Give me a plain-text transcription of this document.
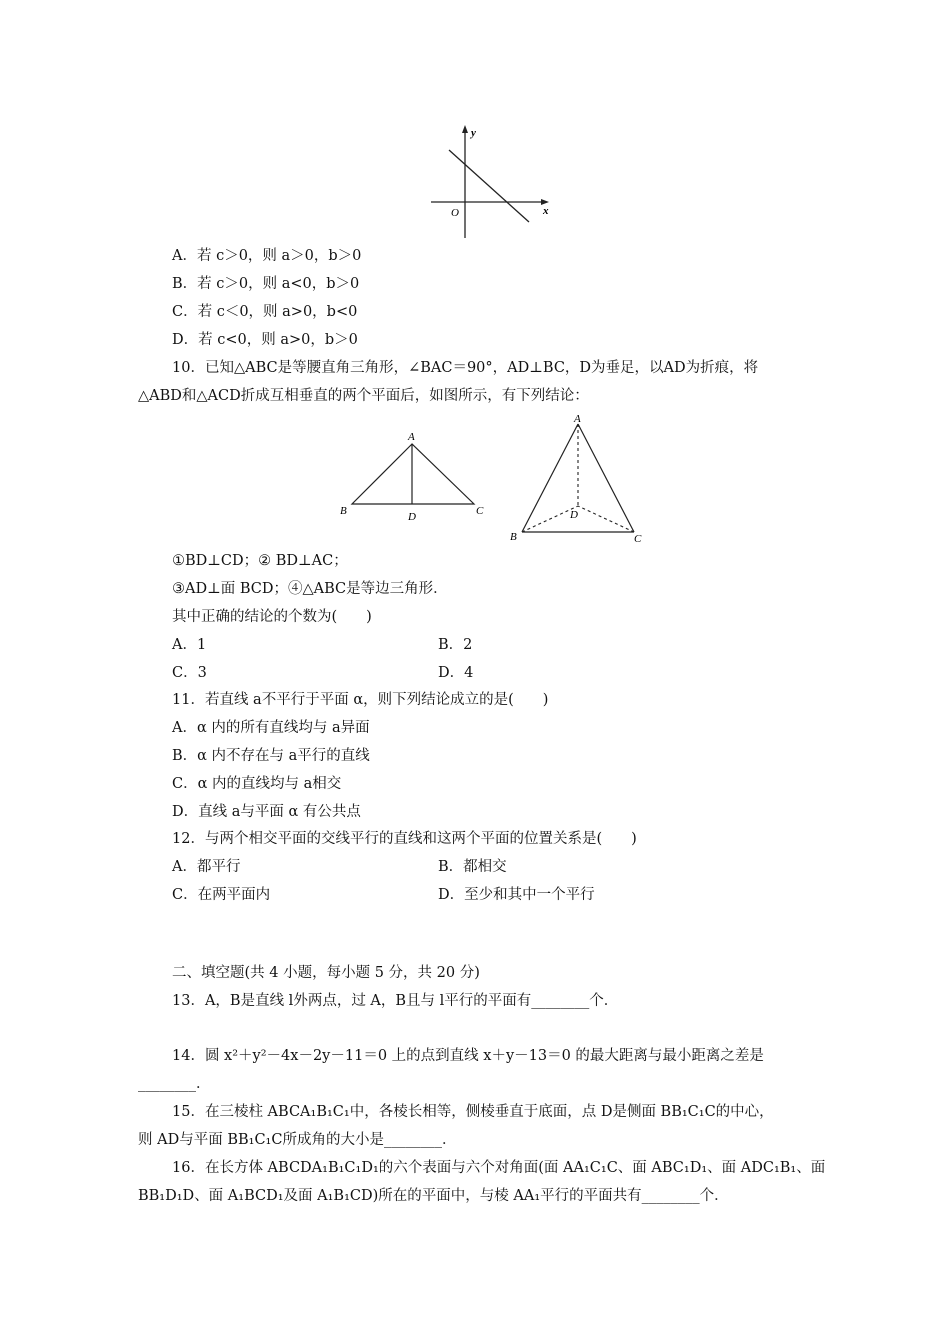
y
x
O
A．若 c＞0，则 a＞0，b＞0
B．若 c＞0，则 a<0，b＞0
C．若 c＜0，则 a>0，b<0
D．若 c<0，则 a>0，b＞0
10．已知△ABC是等腰直角三角形，∠BAC＝90°，AD⊥BC，D为垂足，以AD为折痕，将
△ABD和△ACD折成互相垂直的两个平面后，如图所示，有下列结论：
A
B	C
D
A
B	C
D
①BD⊥CD；② BD⊥AC；
③AD⊥面 BCD；④△ABC是等边三角形．
其中正确的结论的个数为(　　)
A．1	B．2
C．3	D．4
11．若直线 a不平行于平面 α，则下列结论成立的是(　　)
A．α 内的所有直线均与 a异面
B．α 内不存在与 a平行的直线
C．α 内的直线均与 a相交
D．直线 a与平面 α 有公共点
12．与两个相交平面的交线平行的直线和这两个平面的位置关系是(　　)
A．都平行	B．都相交
C．在两平面内	D．至少和其中一个平行
二、填空题(共 4 小题，每小题 5 分，共 20 分)
13．A，B是直线 l外两点，过 A，B且与 l平行的平面有________个．
14．圆 x²＋y²－4x－2y－11＝0 上的点到直线 x＋y－13＝0 的最大距离与最小距离之差是
________．
15．在三棱柱 ABCA₁B₁C₁中，各棱长相等，侧棱垂直于底面，点 D是侧面 BB₁C₁C的中心，
则 AD与平面 BB₁C₁C所成角的大小是________．
16．在长方体 ABCDA₁B₁C₁D₁的六个表面与六个对角面(面 AA₁C₁C、面 ABC₁D₁、面 ADC₁B₁、面
BB₁D₁D、面 A₁BCD₁及面 A₁B₁CD)所在的平面中，与棱 AA₁平行的平面共有________个．
